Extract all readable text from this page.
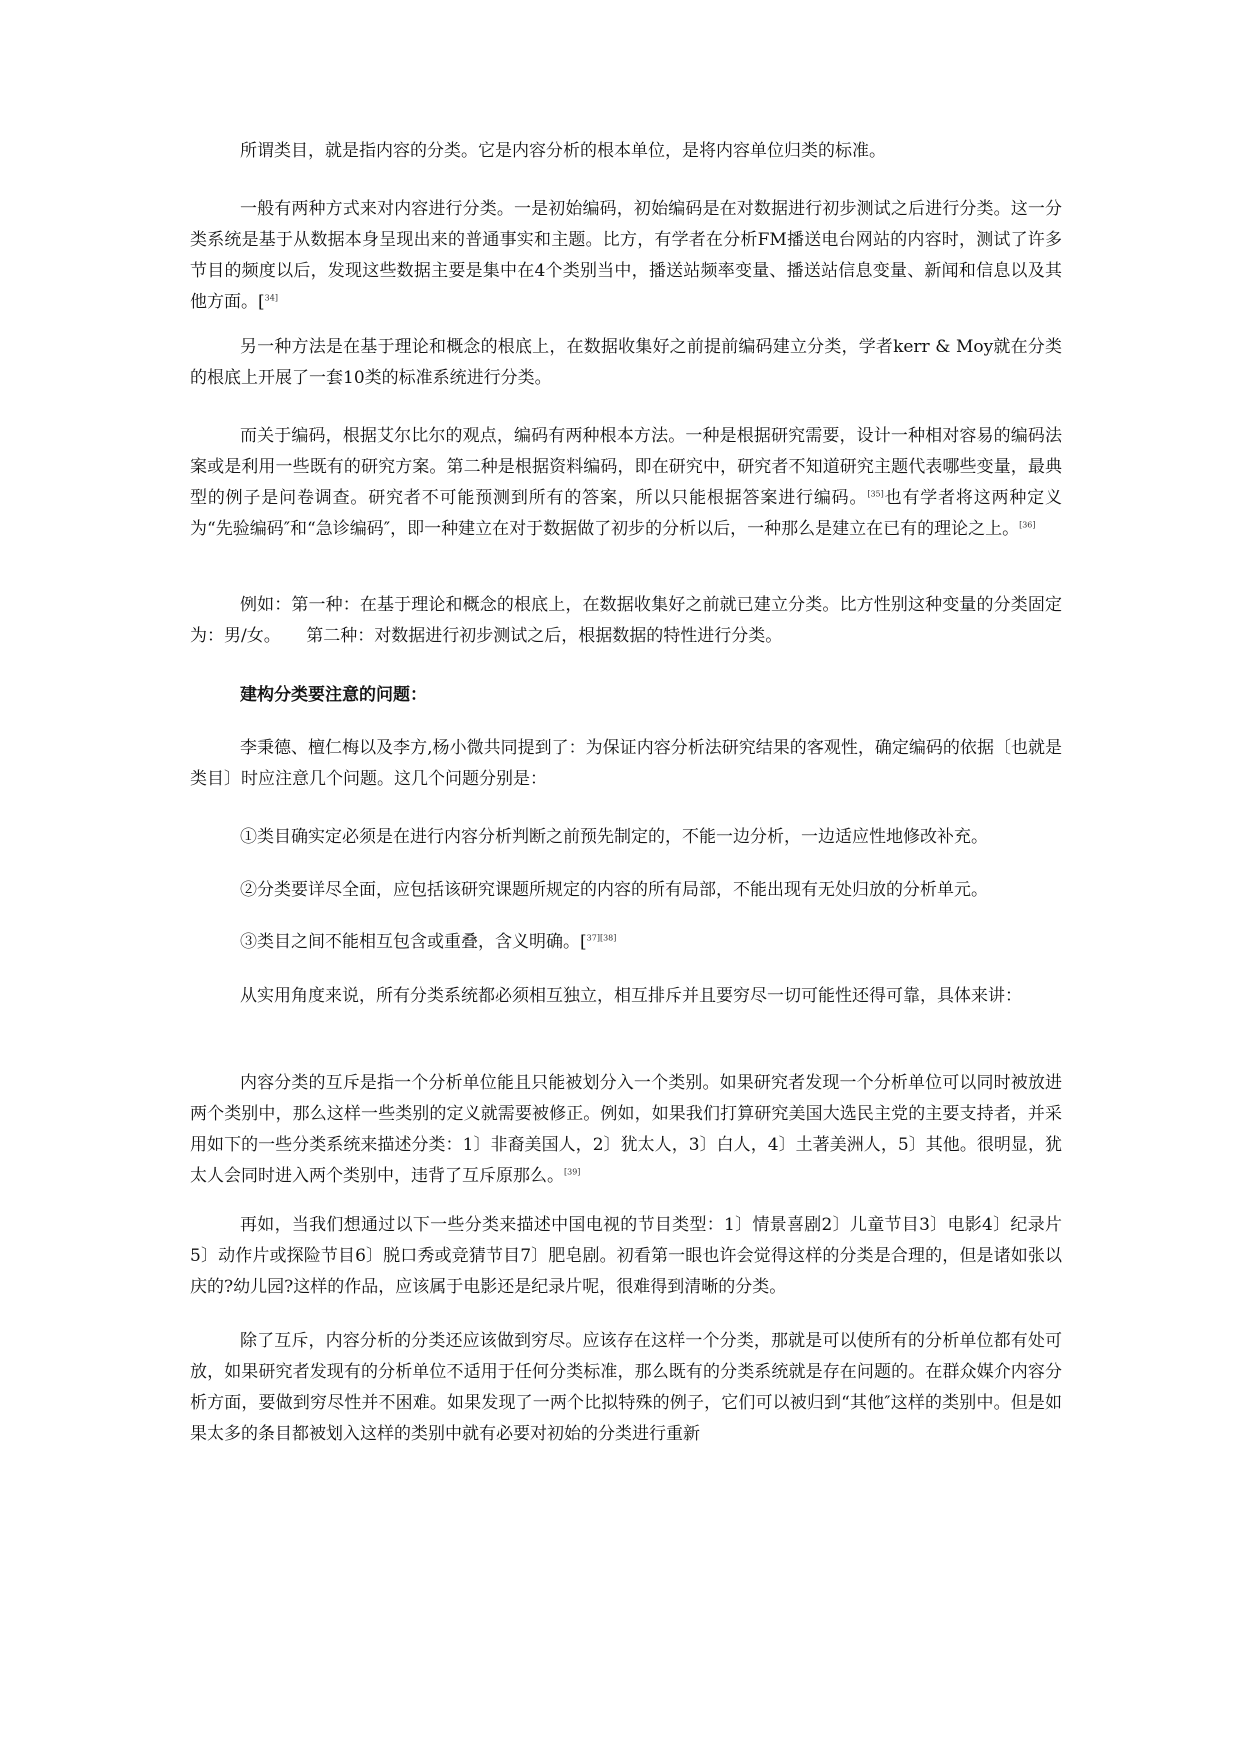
所谓类目，就是指内容的分类。它是内容分析的根本单位，是将内容单位归类的标准。

一般有两种方式来对内容进行分类。一是初始编码，初始编码是在对数据进行初步测试之后进行分类。这一分类系统是基于从数据本身呈现出来的普通事实和主题。比方，有学者在分析FM播送电台网站的内容时，测试了许多节目的频度以后，发现这些数据主要是集中在4个类别当中，播送站频率变量、播送站信息变量、新闻和信息以及其他方面。[$^{34]}$

另一种方法是在基于理论和概念的根底上，在数据收集好之前提前编码建立分类，学者kerr & Moy就在分类的根底上开展了一套10类的标准系统进行分类。

而关于编码，根据艾尔比尔的观点，编码有两种根本方法。一种是根据研究需要，设计一种相对容易的编码法案或是利用一些既有的研究方案。第二种是根据资料编码，即在研究中，研究者不知道研究主题代表哪些变量，最典型的例子是问卷调查。研究者不可能预测到所有的答案，所以只能根据答案进行编码。[35]也有学者将这两种定义为“先验编码″和“急诊编码″，即一种建立在对于数据做了初步的分析以后，一种那么是建立在已有的理论之上。[36]

例如：第一种：在基于理论和概念的根底上，在数据收集好之前就已建立分类。比方性别这种变量的分类固定为：男/女。　　第二种：对数据进行初步测试之后，根据数据的特性进行分类。

建构分类要注意的问题：

李秉德、檀仁梅以及李方,杨小微共同提到了：为保证内容分析法研究结果的客观性，确定编码的依据〔也就是类目〕时应注意几个问题。这几个问题分别是：

①类目确实定必须是在进行内容分析判断之前预先制定的，不能一边分析，一边适应性地修改补充。

②分类要详尽全面，应包括该研究课题所规定的内容的所有局部，不能出现有无处归放的分析单元。

③类目之间不能相互包含或重叠，含义明确。[$^{37][38]}$

从实用角度来说，所有分类系统都必须相互独立，相互排斥并且要穷尽一切可能性还得可靠，具体来讲：

内容分类的互斥是指一个分析单位能且只能被划分入一个类别。如果研究者发现一个分析单位可以同时被放进两个类别中，那么这样一些类别的定义就需要被修正。例如，如果我们打算研究美国大选民主党的主要支持者，并采用如下的一些分类系统来描述分类：1〕非裔美国人，2〕犹太人，3〕白人，4〕土著美洲人，5〕其他。很明显，犹太人会同时进入两个类别中，违背了互斥原那么。[39]

再如，当我们想通过以下一些分类来描述中国电视的节目类型：1〕情景喜剧2〕儿童节目3〕电影4〕纪录片5〕动作片或探险节目6〕脱口秀或竞猜节目7〕肥皂剧。初看第一眼也许会觉得这样的分类是合理的，但是诸如张以庆的?幼儿园?这样的作品，应该属于电影还是纪录片呢，很难得到清晰的分类。

除了互斥，内容分析的分类还应该做到穷尽。应该存在这样一个分类，那就是可以使所有的分析单位都有处可放，如果研究者发现有的分析单位不适用于任何分类标准，那么既有的分类系统就是存在问题的。在群众媒介内容分析方面，要做到穷尽性并不困难。如果发现了一两个比拟特殊的例子，它们可以被归到“其他″这样的类别中。但是如果太多的条目都被划入这样的类别中就有必要对初始的分类进行重新
